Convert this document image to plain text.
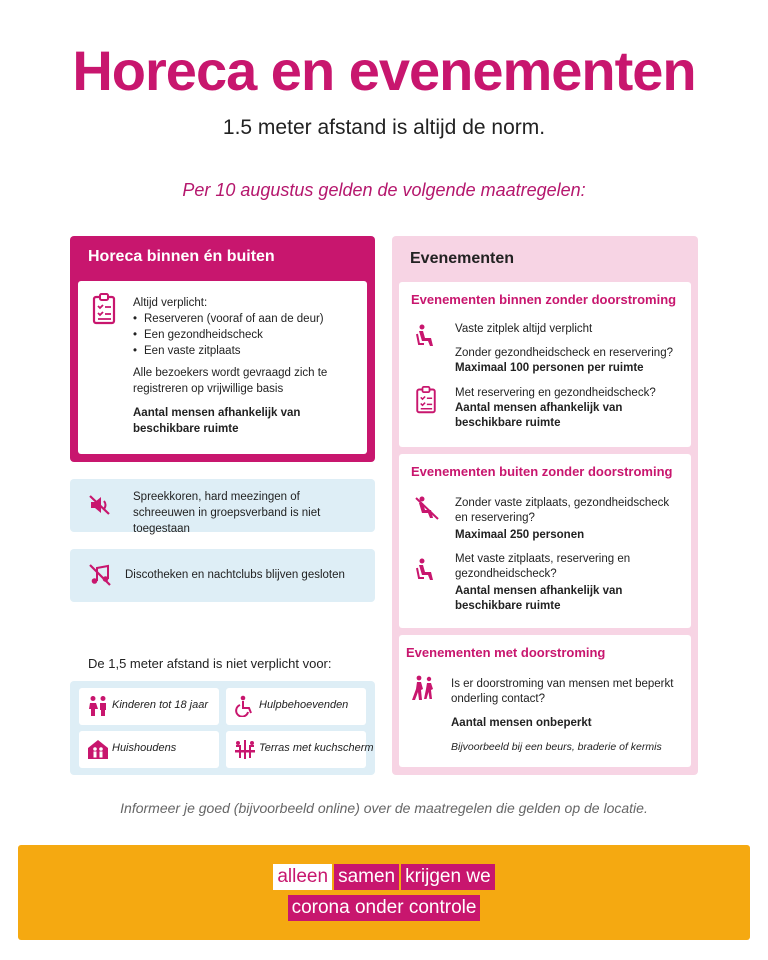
Horeca en evenementen
1.5 meter afstand is altijd de norm.
Per 10 augustus gelden de volgende maatregelen:
Horeca binnen én buiten
Altijd verplicht:
• Reserveren (vooraf of aan de deur)
• Een gezondheidscheck
• Een vaste zitplaats
Alle bezoekers wordt gevraagd zich te registreren op vrijwillige basis
Aantal mensen afhankelijk van beschikbare ruimte
Spreekkoren, hard meezingen of schreeuwen in groepsverband is niet toegestaan
Discotheken en nachtclubs blijven gesloten
De 1,5 meter afstand is niet verplicht voor:
Kinderen tot 18 jaar	Hulpbehoevenden
Huishoudens	Terras met kuchscherm
Evenementen
Evenementen binnen zonder doorstroming
Vaste zitplek altijd verplicht
Zonder gezondheidscheck en reservering?
Maximaal 100 personen per ruimte
Met reservering en gezondheidscheck?
Aantal mensen afhankelijk van beschikbare ruimte
Evenementen buiten zonder doorstroming
Zonder vaste zitplaats, gezondheidscheck en reservering?
Maximaal 250 personen
Met vaste zitplaats, reservering en gezondheidscheck?
Aantal mensen afhankelijk van beschikbare ruimte
Evenementen met doorstroming
Is er doorstroming van mensen met beperkt onderling contact?
Aantal mensen onbeperkt
Bijvoorbeeld bij een beurs, braderie of kermis
Informeer je goed (bijvoorbeeld online) over de maatregelen die gelden op de locatie.
alleen samen krijgen we
corona onder controle
